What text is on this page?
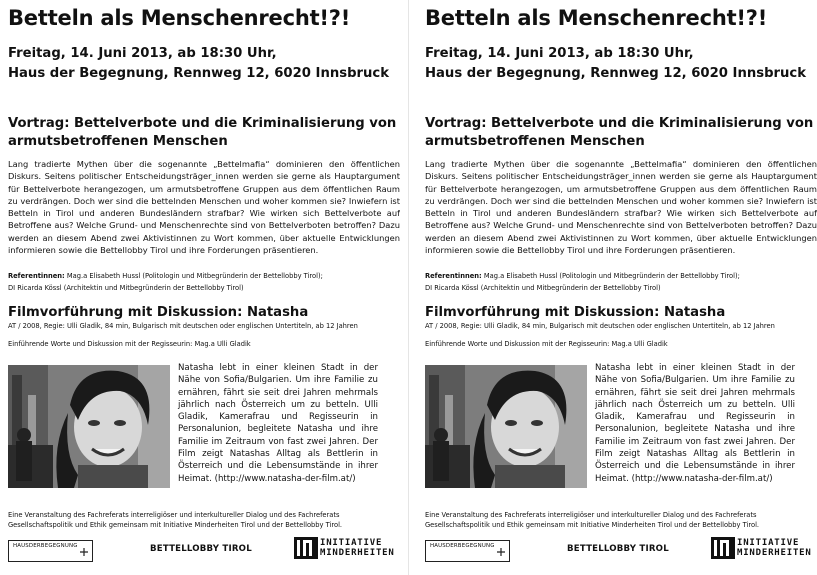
Betteln als Menschenrecht!?!
Freitag, 14. Juni 2013, ab 18:30 Uhr,
Haus der Begegnung, Rennweg 12, 6020 Innsbruck
Vortrag: Bettelverbote und die Kriminalisierung von armutsbetroffenen Menschen
Lang tradierte Mythen über die sogenannte „Bettelmafia“ dominieren den öffentlichen Diskurs. Seitens politischer Entscheidungsträger_innen werden sie gerne als Hauptargument für Bettelverbote herangezogen, um armutsbetroffene Gruppen aus dem öffentlichen Raum zu verdrängen. Doch wer sind die bettelnden Menschen und woher kommen sie? Inwiefern ist Betteln in Tirol und anderen Bundesländern strafbar? Wie wirken sich Bettelverbote auf Betroffene aus? Welche Grund- und Menschenrechte sind von Bettelverboten betroffen? Dazu werden an diesem Abend zwei Aktivistinnen zu Wort kommen, über aktuelle Entwicklungen informieren sowie die Bettellobby Tirol und ihre Forderungen präsentieren.
Referentinnen: Mag.a Elisabeth Hussl (Politologin und Mitbegründerin der Bettellobby Tirol);
DI Ricarda Kössl (Architektin und Mitbegründerin der Bettellobby Tirol)
Filmvorführung mit Diskussion: Natasha
AT / 2008, Regie: Ulli Gladik, 84 min, Bulgarisch mit deutschen oder englischen Untertiteln, ab 12 Jahren
Einführende Worte und Diskussion mit der Regisseurin: Mag.a Ulli Gladik
Natasha lebt in einer kleinen Stadt in der Nähe von Sofia/Bulgarien. Um ihre Familie zu ernähren, fährt sie seit drei Jahren mehrmals jährlich nach Österreich um zu betteln. Ulli Gladik, Kamerafrau und Regisseurin in Personalunion, begleitete Natasha und ihre Familie im Zeitraum von fast zwei Jahren. Der Film zeigt Natashas Alltag als Bettlerin in Österreich und die Lebensumstände in ihrer Heimat. (http://www.natasha-der-film.at/)
Eine Veranstaltung des Fachreferats interreligiöser und interkultureller Dialog und des Fachreferats Gesellschaftspolitik und Ethik gemeinsam mit Initiative Minderheiten Tirol und der Bettellobby Tirol.
HAUSDERBEGEGNUNG	BETTELLOBBY TIROL
INITIATIVE
MINDERHEITEN
Betteln als Menschenrecht!?!
Freitag, 14. Juni 2013, ab 18:30 Uhr,
Haus der Begegnung, Rennweg 12, 6020 Innsbruck
Vortrag: Bettelverbote und die Kriminalisierung von armutsbetroffenen Menschen
Lang tradierte Mythen über die sogenannte „Bettelmafia“ dominieren den öffentlichen Diskurs. Seitens politischer Entscheidungsträger_innen werden sie gerne als Hauptargument für Bettelverbote herangezogen, um armutsbetroffene Gruppen aus dem öffentlichen Raum zu verdrängen. Doch wer sind die bettelnden Menschen und woher kommen sie? Inwiefern ist Betteln in Tirol und anderen Bundesländern strafbar? Wie wirken sich Bettelverbote auf Betroffene aus? Welche Grund- und Menschenrechte sind von Bettelverboten betroffen? Dazu werden an diesem Abend zwei Aktivistinnen zu Wort kommen, über aktuelle Entwicklungen informieren sowie die Bettellobby Tirol und ihre Forderungen präsentieren.
Referentinnen: Mag.a Elisabeth Hussl (Politologin und Mitbegründerin der Bettellobby Tirol);
DI Ricarda Kössl (Architektin und Mitbegründerin der Bettellobby Tirol)
Filmvorführung mit Diskussion: Natasha
AT / 2008, Regie: Ulli Gladik, 84 min, Bulgarisch mit deutschen oder englischen Untertiteln, ab 12 Jahren
Einführende Worte und Diskussion mit der Regisseurin: Mag.a Ulli Gladik
Natasha lebt in einer kleinen Stadt in der Nähe von Sofia/Bulgarien. Um ihre Familie zu ernähren, fährt sie seit drei Jahren mehrmals jährlich nach Österreich um zu betteln. Ulli Gladik, Kamerafrau und Regisseurin in Personalunion, begleitete Natasha und ihre Familie im Zeitraum von fast zwei Jahren. Der Film zeigt Natashas Alltag als Bettlerin in Österreich und die Lebensumstände in ihrer Heimat. (http://www.natasha-der-film.at/)
Eine Veranstaltung des Fachreferats interreligiöser und interkultureller Dialog und des Fachreferats Gesellschaftspolitik und Ethik gemeinsam mit Initiative Minderheiten Tirol und der Bettellobby Tirol.
HAUSDERBEGEGNUNG	BETTELLOBBY TIROL
INITIATIVE
MINDERHEITEN
